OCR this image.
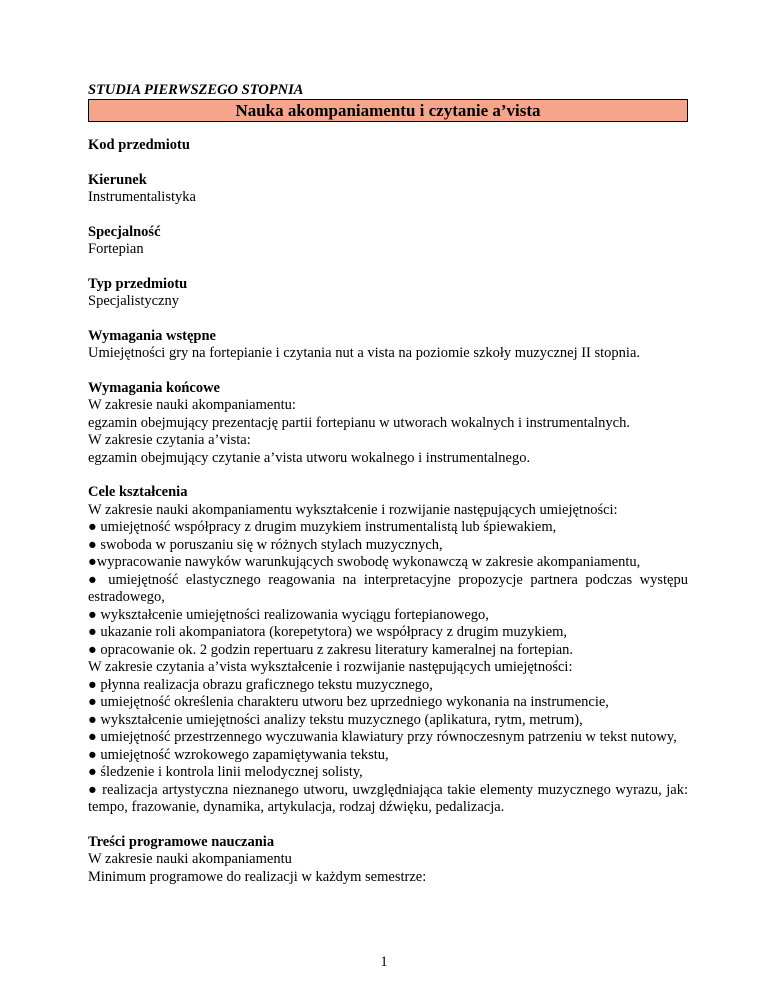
STUDIA PIERWSZEGO STOPNIA
Nauka akompaniamentu i czytanie a’vista
Kod przedmiotu
Kierunek
Instrumentalistyka
Specjalność
Fortepian
Typ przedmiotu
Specjalistyczny
Wymagania wstępne
Umiejętności gry na fortepianie i czytania nut a vista na poziomie szkoły muzycznej II stopnia.
Wymagania końcowe
W zakresie nauki akompaniamentu:
egzamin obejmujący prezentację partii fortepianu w utworach wokalnych i instrumentalnych.
W zakresie czytania a’vista:
egzamin obejmujący czytanie a’vista utworu wokalnego i instrumentalnego.
Cele kształcenia
W zakresie nauki akompaniamentu wykształcenie i rozwijanie następujących umiejętności:
● umiejętność współpracy z drugim muzykiem instrumentalistą lub śpiewakiem,
● swoboda w poruszaniu się w różnych stylach muzycznych,
●wypracowanie nawyków warunkujących swobodę wykonawczą w zakresie akompaniamentu,
● umiejętność elastycznego reagowania na interpretacyjne propozycje partnera podczas występu estradowego,
● wykształcenie umiejętności realizowania wyciągu fortepianowego,
● ukazanie roli akompaniatora (korepetytora) we współpracy z drugim muzykiem,
● opracowanie ok. 2 godzin repertuaru z zakresu literatury kameralnej na fortepian.
W zakresie czytania a’vista wykształcenie i rozwijanie następujących umiejętności:
● płynna realizacja obrazu graficznego tekstu muzycznego,
● umiejętność określenia charakteru utworu bez uprzedniego wykonania na instrumencie,
● wykształcenie umiejętności analizy tekstu muzycznego (aplikatura, rytm, metrum),
● umiejętność przestrzennego wyczuwania klawiatury przy równoczesnym patrzeniu w tekst nutowy,
● umiejętność wzrokowego zapamiętywania tekstu,
● śledzenie i kontrola linii melodycznej solisty,
● realizacja artystyczna nieznanego utworu, uwzględniająca takie elementy muzycznego wyrazu, jak: tempo, frazowanie, dynamika, artykulacja, rodzaj dźwięku, pedalizacja.
Treści programowe nauczania
W zakresie nauki akompaniamentu
Minimum programowe do realizacji w każdym semestrze:
1
